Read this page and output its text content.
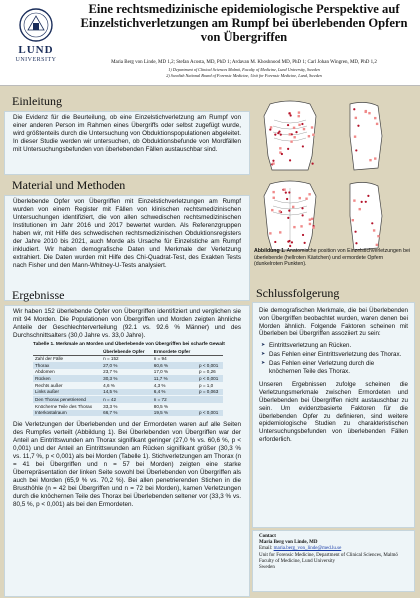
LUND
UNIVERSITY
Eine rechtsmedizinische epidemiologische Perspektive auf Einzelstichverletzungen am Rumpf bei überlebenden Opfern von Übergriffen
Maria Berg von Linde, MD 1,2; Stefan Acosta, MD, PhD 1; Ardavan M. Khoshnood MD, PhD 1; Carl Johan Wingren, MD, PhD 1,2
1) Department of Clinical Sciences Malmö, Faculty of Medicine, Lund University, Sweden
2) Swedish National Board of Forensic Medicine, Unit for Forensic Medicine, Lund, Sweden
Einleitung
Die Evidenz für die Beurteilung, ob eine Einzelstichverletzung am Rumpf von einer anderen Person im Rahmen eines Übergriffs oder selbst zugefügt wurde, wird größtenteils durch die Untersuchung von Obduktionspopulationen abgeleitet. In dieser Studie werden wir untersuchen, ob Obduktionsbefunde von Mordfällen mit Untersuchungsbefunden von überlebenden Fällen austauschbar sind.
Material und Methoden
Überlebende Opfer von Übergriffen mit Einzelstichverletzungen am Rumpf wurden von einem Register mit Fällen von klinischen rechtsmedizinischen Untersuchungen identifiziert, die von allen schwedischen rechtsmedizinischen Institutionen im Jahr 2016 und 2017 bewertet wurden. Als Referenzgruppen haben wir, mit Hilfe des schwedischen rechtsmedizinischen Obduktionsregisters der Jahre 2010 bis 2021, auch Morde als Ursache für Einzelstiche am Rumpf inkludiert. Wir haben demografische Daten und Merkmale der Verletzung extrahiert. Die Daten wurden mit Hilfe des Chi-Quadrat-Test, des Exakten Tests nach Fisher und den Mann-Whitney-U-Tests analysiert.
Abbildung 1. Anatomische position von Einzelstichverletzungen bei überlebende (hellroten Kästchen) und ermordete Opfern (dunkelroten Punkten).
Ergebnisse
Wir haben 152 überlebende Opfer von Übergriffen identifiziert und verglichen sie mit 94 Morden. Die Populationen von Übergriffen und Morden zeigten ähnliche Anteile der Geschlechterverteilung (92.1 vs. 92.6 % Männer) und des Durchschnittsalters (30,0 Jahre vs. 33,0 Jahre).
Tabelle 1. Merkmale an Morden und Überlebende von Übergriffen bei scharfe Gewalt
	Überlebende Opfer	Ermordete Opfer	
Zahl der Fälle	n = 152	n = 94	
Thorax	27,0 %	60,6 %	p < 0,001
Abdomen	23,7 %	17,0 %	p = 0,26
Rücken	30,3 %	11,7 %	p < 0,001
Rechts außer	4,6 %	4,3 %	p = 1,0
Links außer	14,5 %	6,4 %	p = 0,063

Den Thorax penetrierend	n = 42	n = 72	
Knöcherne Teile des Thorax	33,3 %	80,5 %	
Interkostalraum	66,7 %	19,5 %	p < 0,001
Die Verletzungen der Überlebenden und der Ermordeten waren auf alle Seiten des Rumpfes verteilt (Abbildung 1). Bei Überlebenden von Übergriffen war der Anteil an Eintrittswunden am Thorax signifikant geringer (27,0 % vs. 60,6 %, p < 0,001) und der Anteil an Eintrittswunden am Rücken signifikant größer (30,3 % vs. 11,7 %, p < 0,001) als bei Morden (Tabelle 1). Stichverletzungen am Thorax (n = 41 bei Übergriffen und n = 57 bei Morden) zeigten eine starke Überrepräsentation der linken Seite sowohl bei Überlebenden von Übergriffen als auch bei Morden (65,9 % vs. 70,2 %). Bei allen penetrierenden Stichen in die Brusthöhle (n = 42 bei Übergriffen und n = 72 bei Morden), kamen Verletzungen durch die knöchernen Teile des Thorax bei Überlebenden seltener vor (33,3 % vs. 80,5 %, p < 0,001) als bei den Ermordeten.
Schlussfolgerung

Die demografischen Merkmale, die bei Überlebenden von Übergriffen beobachtet wurden, waren denen bei Morden ähnlich. Folgende Faktoren scheinen mit Überleben bei Übergriffen assoziiert zu sein:

➤ Eintrittsverletzung an Rücken.
➤ Das Fehlen einer Eintrittsverletzung des Thorax.
➤ Das Fehlen einer Verletzung durch die knöchernen Teile des Thorax.

Unseren Ergebnissen zufolge scheinen die Verletzungsmerkmale zwischen Ermordeten und Überlebenden bei Übergriffen nicht austauschbar zu sein. Um evidenzbasierte Faktoren für die überlebenden Opfer zu definieren, sind weitere epidemiologische Studien zu charakteristischen Untersuchungsbefunden von überlebenden Fällen erforderlich.

Contact
Maria Berg von Linde, MD
Email: maria.berg_von_linde@med.lu.se
Unit for Forensic Medicine, Department of Clinical Sciences, Malmö
Faculty of Medicine, Lund University
Sweden
